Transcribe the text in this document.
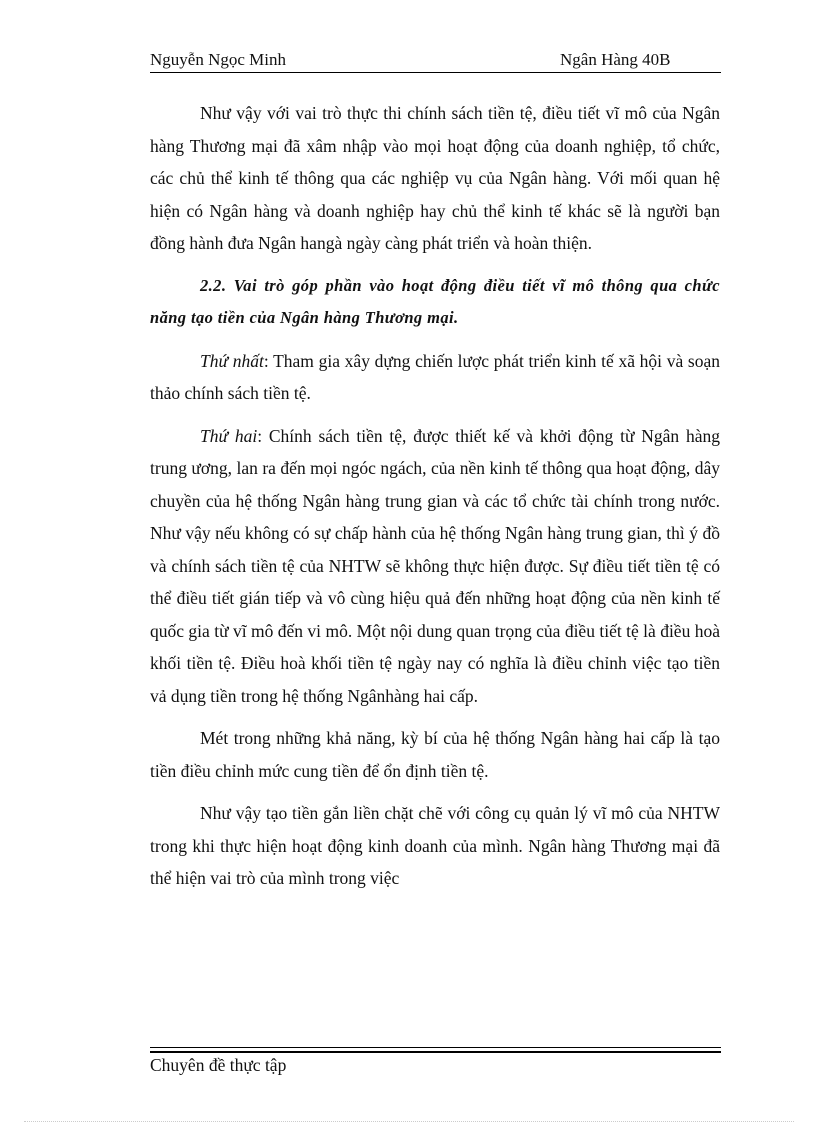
Nguyễn Ngọc Minh	Ngân Hàng 40B

Như vậy với vai trò thực thi chính sách tiền tệ, điều tiết vĩ mô của Ngân hàng Thương mại đã xâm nhập vào mọi hoạt động của doanh nghiệp, tổ chức, các chủ thể kinh tế thông qua các nghiệp vụ của Ngân hàng. Với mối quan hệ hiện có Ngân hàng và doanh nghiệp hay chủ thể kinh tế khác sẽ là người bạn đồng hành đưa Ngân hangà ngày càng phát triển và hoàn thiện.

2.2. Vai trò góp phần vào hoạt động điều tiết vĩ mô thông qua chức năng tạo tiền của Ngân hàng Thương mại.

Thứ nhất: Tham gia xây dựng chiến lược phát triển kinh tế xã hội và soạn thảo chính sách tiền tệ.

Thứ hai: Chính sách tiền tệ, được thiết kế và khởi động từ Ngân hàng trung ương, lan ra đến mọi ngóc ngách, của nền kinh tế thông qua hoạt động, dây chuyền của hệ thống Ngân hàng trung gian và các tổ chức tài chính trong nước. Như vậy nếu không có sự chấp hành của hệ thống Ngân hàng trung gian, thì ý đồ và chính sách tiền tệ của NHTW sẽ không thực hiện được. Sự điều tiết tiền tệ có thể điều tiết gián tiếp và vô cùng hiệu quả đến những hoạt động của nền kinh tế quốc gia từ vĩ mô đến vi mô. Một nội dung quan trọng của điều tiết tệ là điều hoà khối tiền tệ. Điều hoà khối tiền tệ ngày nay có nghĩa là điều chỉnh việc tạo tiền vả dụng tiền trong hệ thống Ngânhàng hai cấp.

Mét trong những khả năng, kỳ bí của hệ thống Ngân hàng hai cấp là tạo tiền điều chỉnh mức cung tiền để ổn định tiền tệ.

Như vậy tạo tiền gắn liền chặt chẽ với công cụ quản lý vĩ mô của NHTW trong khi thực hiện hoạt động kinh doanh của mình. Ngân hàng Thương mại đã thể hiện vai trò của mình trong việc

Chuyên đề thực tập
